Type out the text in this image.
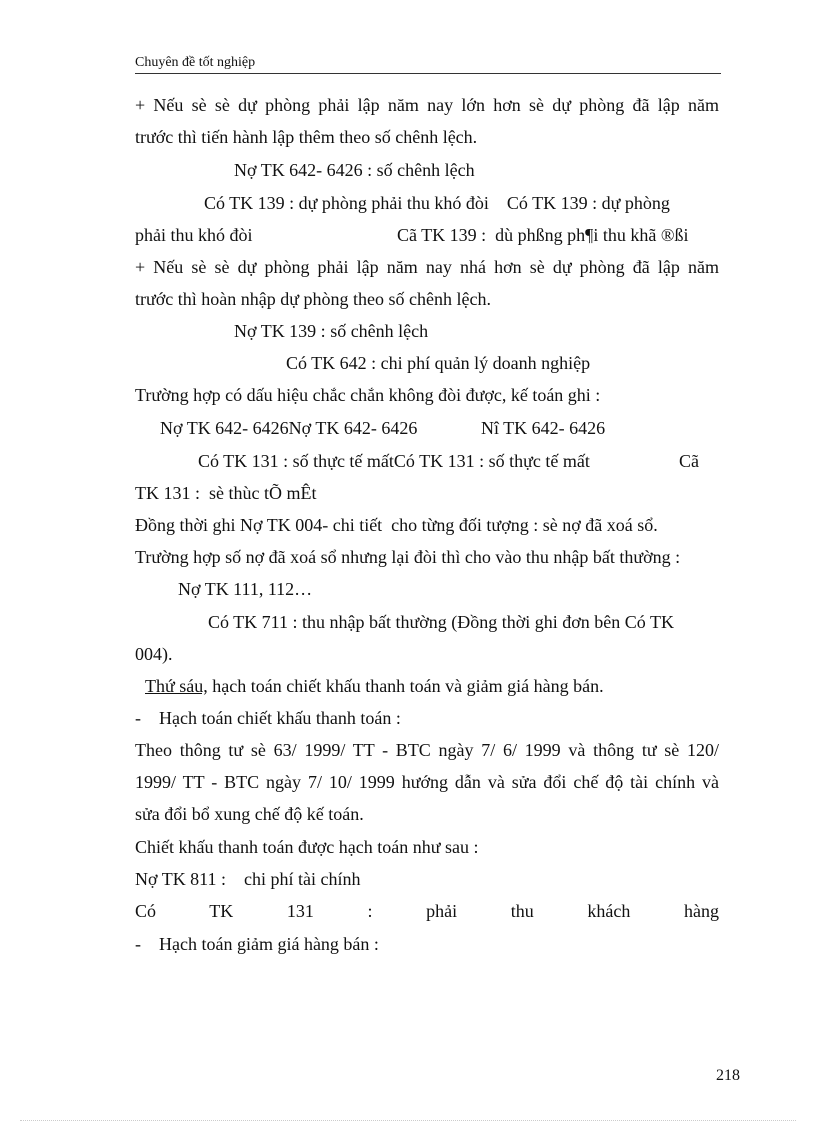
Chuyên đề tốt nghiệp
+ Nếu sè sè dự phòng phải lập năm nay lớn hơn sè dự phòng đã lập năm
trước thì tiến hành lập thêm theo số chênh lệch.
Nợ TK 642- 6426 : số chênh lệch
Có TK 139 : dự phòng phải thu khó đòi    Có TK 139 : dự phòng
phải thu khó đòi	Cã TK 139 :  dù phßng ph¶i thu khã ®ßi
+ Nếu sè sè dự phòng phải lập năm nay nhá hơn sè dự phòng đã lập năm
trước thì hoàn nhập dự phòng theo số chênh lệch.
Nợ TK 139 : số chênh lệch
Có TK 642 : chi phí quản lý doanh nghiệp
Trường hợp có dấu hiệu chắc chắn không đòi được, kế toán ghi :
Nợ TK 642- 6426Nợ TK 642- 6426	Nî TK 642- 6426
Có TK 131 : số thực tế mấtCó TK 131 : số thực tế mất	Cã
TK 131 :  sè thùc tÕ mÊt
Đồng thời ghi Nợ TK 004- chi tiết  cho từng đối tượng : sè nợ đã xoá sổ.
Trường hợp số nợ đã xoá sổ nhưng lại đòi thì cho vào thu nhập bất thường :
Nợ TK 111, 112…
Có TK 711 : thu nhập bất thường (Đồng thời ghi đơn bên Có TK
004).
Thứ sáu, hạch toán chiết khấu thanh toán và giảm giá hàng bán.
-    Hạch toán chiết khấu thanh toán :
Theo thông tư sè 63/ 1999/ TT - BTC ngày 7/ 6/ 1999 và thông tư sè 120/
1999/ TT - BTC ngày 7/ 10/ 1999 hướng dẫn và sửa đổi chế độ tài chính và
sửa đổi bổ xung chế độ kế toán.
Chiết khấu thanh toán được hạch toán như sau :
Nợ TK 811 :    chi phí tài chính
Có TK 131 : phải thu khách hàng
-    Hạch toán giảm giá hàng bán :
218
